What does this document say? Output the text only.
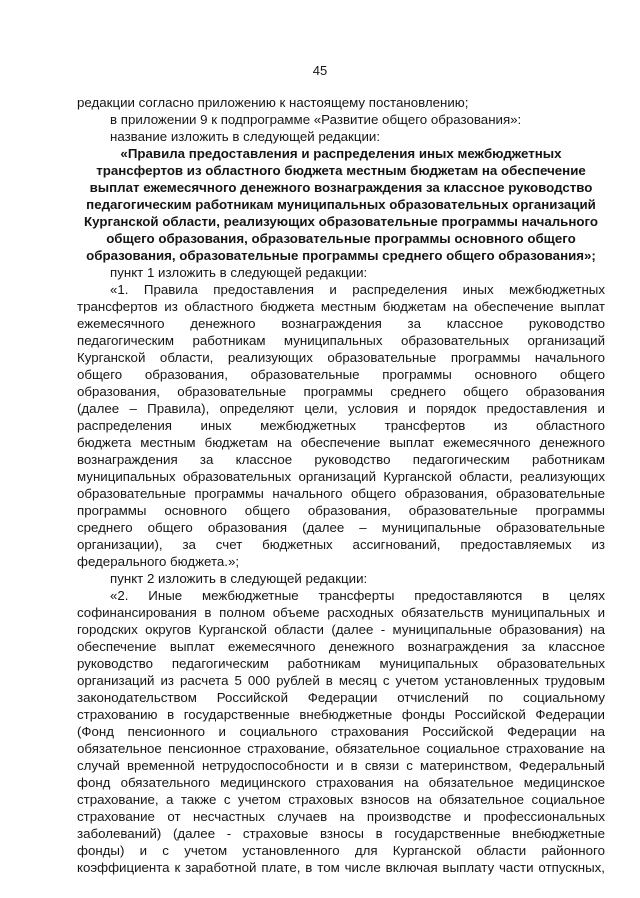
45
редакции согласно приложению к настоящему постановлению;
в приложении 9 к подпрограмме «Развитие общего образования»:
название изложить в следующей редакции:
«Правила предоставления и распределения иных межбюджетных
трансфертов из областного бюджета местным бюджетам на обеспечение
выплат ежемесячного денежного вознаграждения за классное руководство
педагогическим работникам муниципальных образовательных организаций
Курганской области, реализующих образовательные программы начального
общего образования, образовательные программы основного общего
образования, образовательные программы среднего общего образования»;
пункт 1 изложить в следующей редакции:
«1. Правила предоставления и распределения иных межбюджетных
трансфертов из областного бюджета местным бюджетам на обеспечение выплат
ежемесячного денежного вознаграждения за классное руководство
педагогическим работникам муниципальных образовательных организаций
Курганской области, реализующих образовательные программы начального
общего образования, образовательные программы основного общего
образования, образовательные программы среднего общего образования
(далее – Правила), определяют цели, условия и порядок предоставления и
распределения иных межбюджетных трансфертов из областного
бюджета местным бюджетам на обеспечение выплат ежемесячного денежного
вознаграждения за классное руководство педагогическим работникам
муниципальных образовательных организаций Курганской области, реализующих
образовательные программы начального общего образования, образовательные
программы основного общего образования, образовательные программы
среднего общего образования (далее – муниципальные образовательные
организации), за счет бюджетных ассигнований, предоставляемых из
федерального бюджета.»;
пункт 2 изложить в следующей редакции:
«2. Иные межбюджетные трансферты предоставляются в целях
софинансирования в полном объеме расходных обязательств муниципальных и
городских округов Курганской области (далее - муниципальные образования) на
обеспечение выплат ежемесячного денежного вознаграждения за классное
руководство педагогическим работникам муниципальных образовательных
организаций из расчета 5 000 рублей в месяц с учетом установленных трудовым
законодательством Российской Федерации отчислений по социальному
страхованию в государственные внебюджетные фонды Российской Федерации
(Фонд пенсионного и социального страхования Российской Федерации на
обязательное пенсионное страхование, обязательное социальное страхование на
случай временной нетрудоспособности и в связи с материнством, Федеральный
фонд обязательного медицинского страхования на обязательное медицинское
страхование, а также с учетом страховых взносов на обязательное социальное
страхование от несчастных случаев на производстве и профессиональных
заболеваний) (далее - страховые взносы в государственные внебюджетные
фонды) и с учетом установленного для Курганской области районного
коэффициента к заработной плате, в том числе включая выплату части отпускных,
